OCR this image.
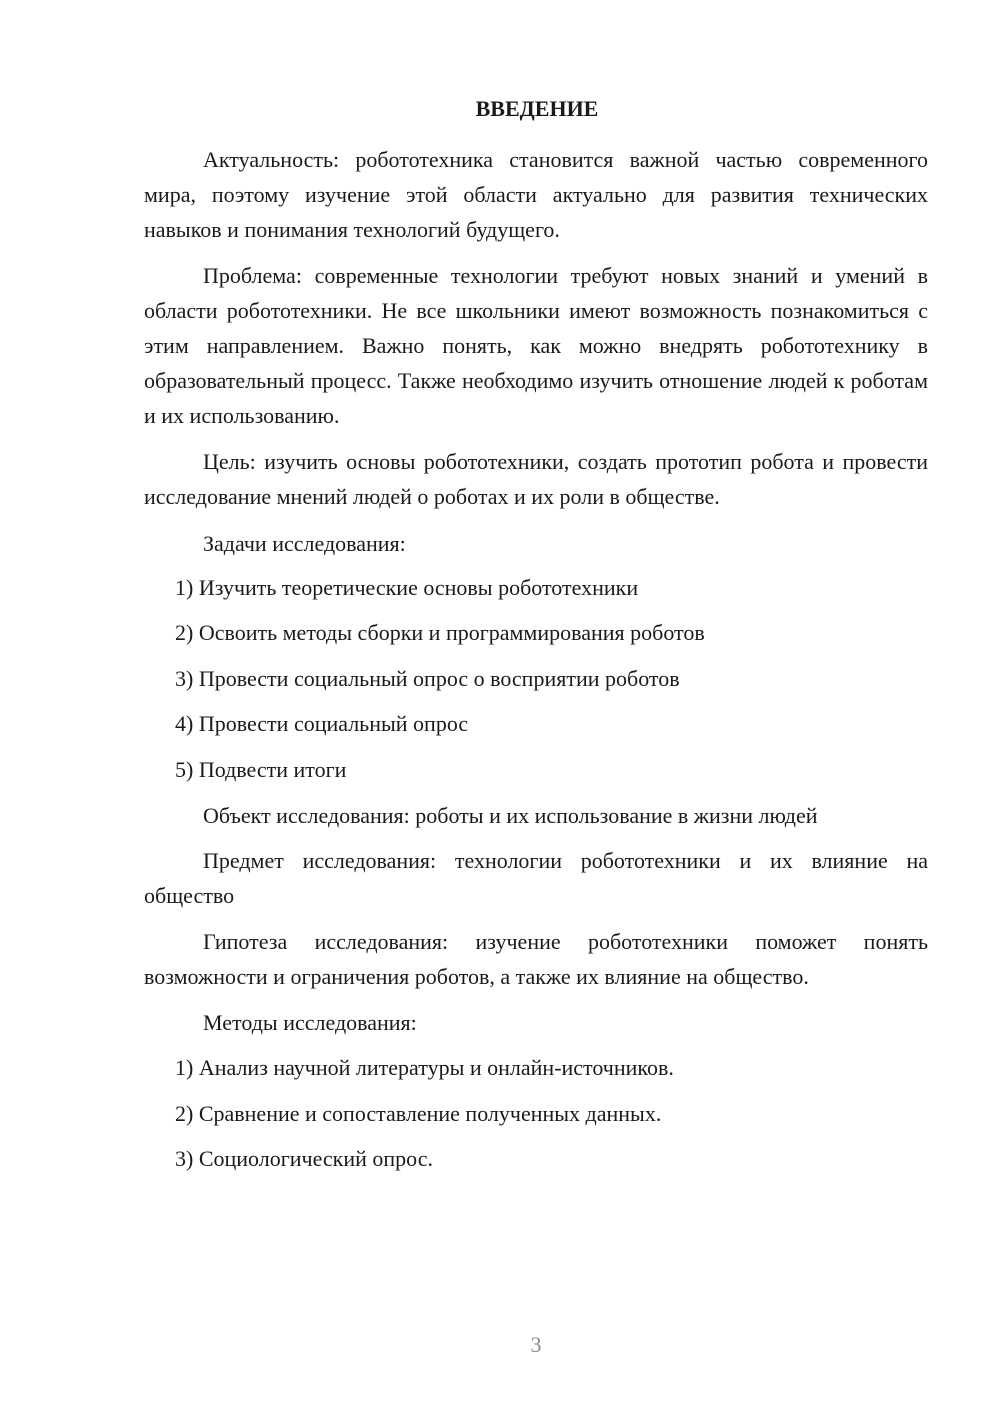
ВВЕДЕНИЕ

Актуальность: робототехника становится важной частью современного мира, поэтому изучение этой области актуально для развития технических навыков и понимания технологий будущего.

Проблема: современные технологии требуют новых знаний и умений в области робототехники. Не все школьники имеют возможность познакомиться с этим направлением. Важно понять, как можно внедрять робототехнику в образовательный процесс. Также необходимо изучить отношение людей к роботам и их использованию.

Цель: изучить основы робототехники, создать прототип робота и провести исследование мнений людей о роботах и их роли в обществе.

Задачи исследования:
1) Изучить теоретические основы робототехники
2) Освоить методы сборки и программирования роботов
3) Провести социальный опрос о восприятии роботов
4) Провести социальный опрос
5) Подвести итоги
Объект исследования: роботы и их использование в жизни людей

Предмет исследования: технологии робототехники и их влияние на общество

Гипотеза исследования: изучение робототехники поможет понять возможности и ограничения роботов, а также их влияние на общество.

Методы исследования:
1) Анализ научной литературы и онлайн-источников.
2) Сравнение и сопоставление полученных данных.
3) Социологический опрос.
3
